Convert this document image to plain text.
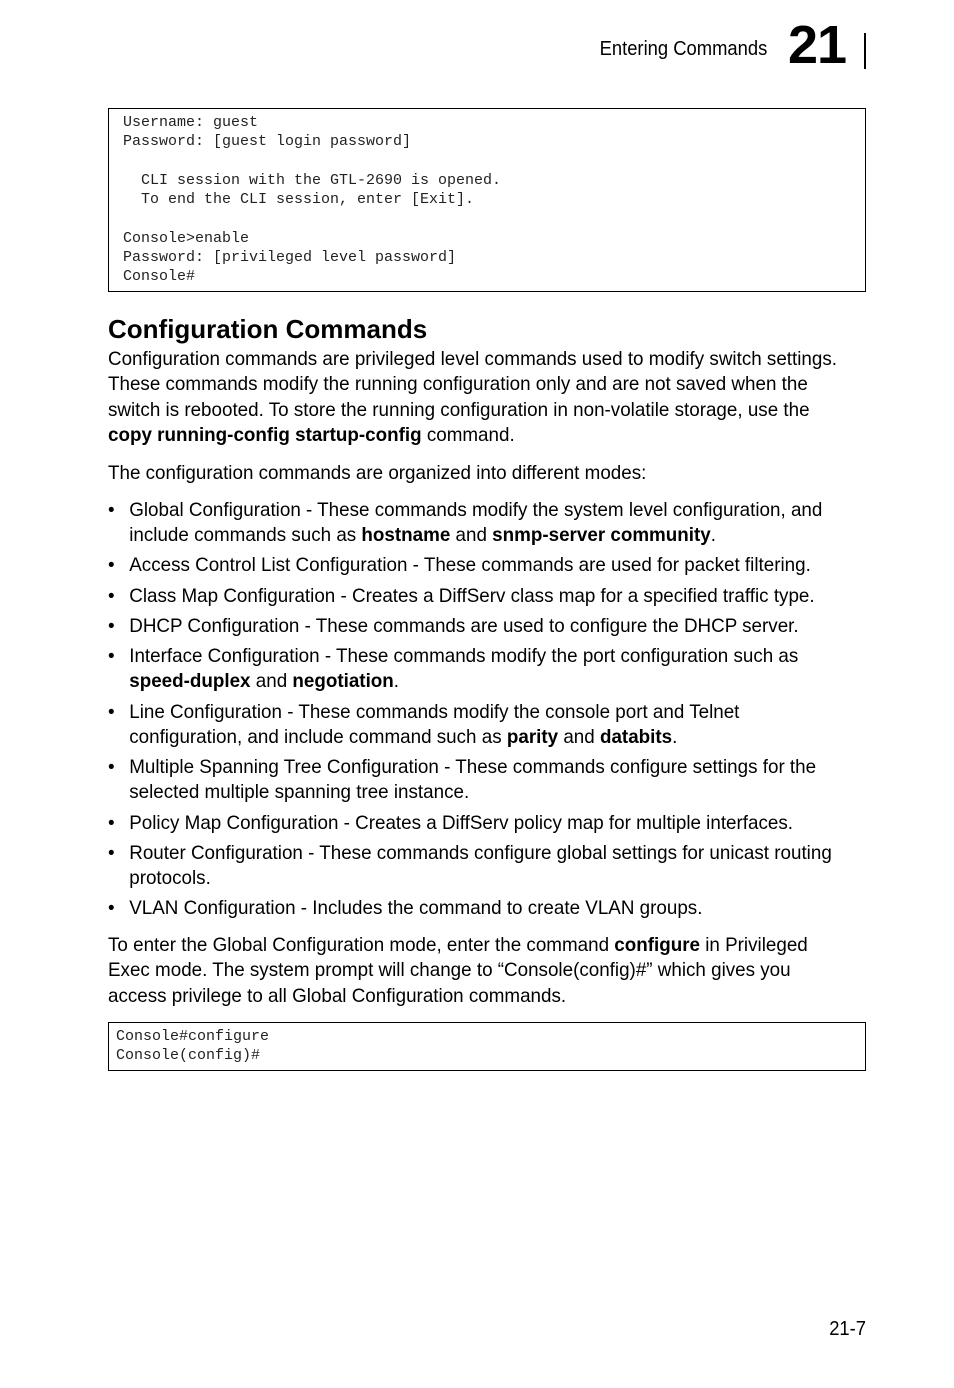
Entering Commands 21
Username: guest
Password: [guest login password]
CLI session with the GTL-2690 is opened.
To end the CLI session, enter [Exit].
Console>enable
Password: [privileged level password]
Console#
Configuration Commands

Configuration commands are privileged level commands used to modify switch settings. These commands modify the running configuration only and are not saved when the switch is rebooted. To store the running configuration in non-volatile storage, use the copy running-config startup-config command.

The configuration commands are organized into different modes:

• Global Configuration - These commands modify the system level configuration, and include commands such as hostname and snmp-server community.
• Access Control List Configuration - These commands are used for packet filtering.
• Class Map Configuration - Creates a DiffServ class map for a specified traffic type.
• DHCP Configuration - These commands are used to configure the DHCP server.
• Interface Configuration - These commands modify the port configuration such as speed-duplex and negotiation.
• Line Configuration - These commands modify the console port and Telnet configuration, and include command such as parity and databits.
• Multiple Spanning Tree Configuration - These commands configure settings for the selected multiple spanning tree instance.
• Policy Map Configuration - Creates a DiffServ policy map for multiple interfaces.
• Router Configuration - These commands configure global settings for unicast routing protocols.
• VLAN Configuration - Includes the command to create VLAN groups.

To enter the Global Configuration mode, enter the command configure in Privileged Exec mode. The system prompt will change to “Console(config)#” which gives you access privilege to all Global Configuration commands.

Console#configure
Console(config)#
21-7
